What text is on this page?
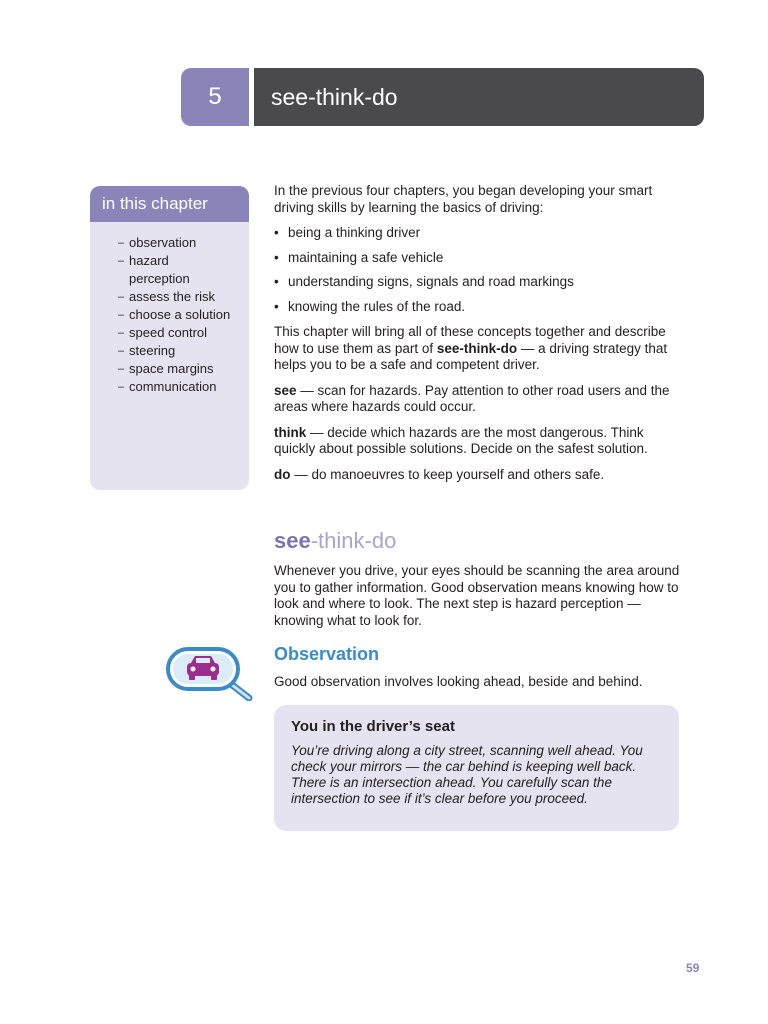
5	see-think-do
in this chapter
– observation
– hazard
perception
– assess the risk
– choose a solution
– speed control
– steering
– space margins
– communication

In the previous four chapters, you began developing your smart driving skills by learning the basics of driving:

• being a thinking driver

• maintaining a safe vehicle

• understanding signs, signals and road markings

• knowing the rules of the road.

This chapter will bring all of these concepts together and describe how to use them as part of see-think-do — a driving strategy that helps you to be a safe and competent driver.

see — scan for hazards. Pay attention to other road users and the areas where hazards could occur.

think — decide which hazards are the most dangerous. Think quickly about possible solutions. Decide on the safest solution.

do — do manoeuvres to keep yourself and others safe.

see-think-do

Whenever you drive, your eyes should be scanning the area around you to gather information. Good observation means knowing how to look and where to look. The next step is hazard perception — knowing what to look for.

Observation

Good observation involves looking ahead, beside and behind.

You in the driver’s seat
You’re driving along a city street, scanning well ahead. You check your mirrors — the car behind is keeping well back. There is an intersection ahead. You carefully scan the intersection to see if it’s clear before you proceed.
59
